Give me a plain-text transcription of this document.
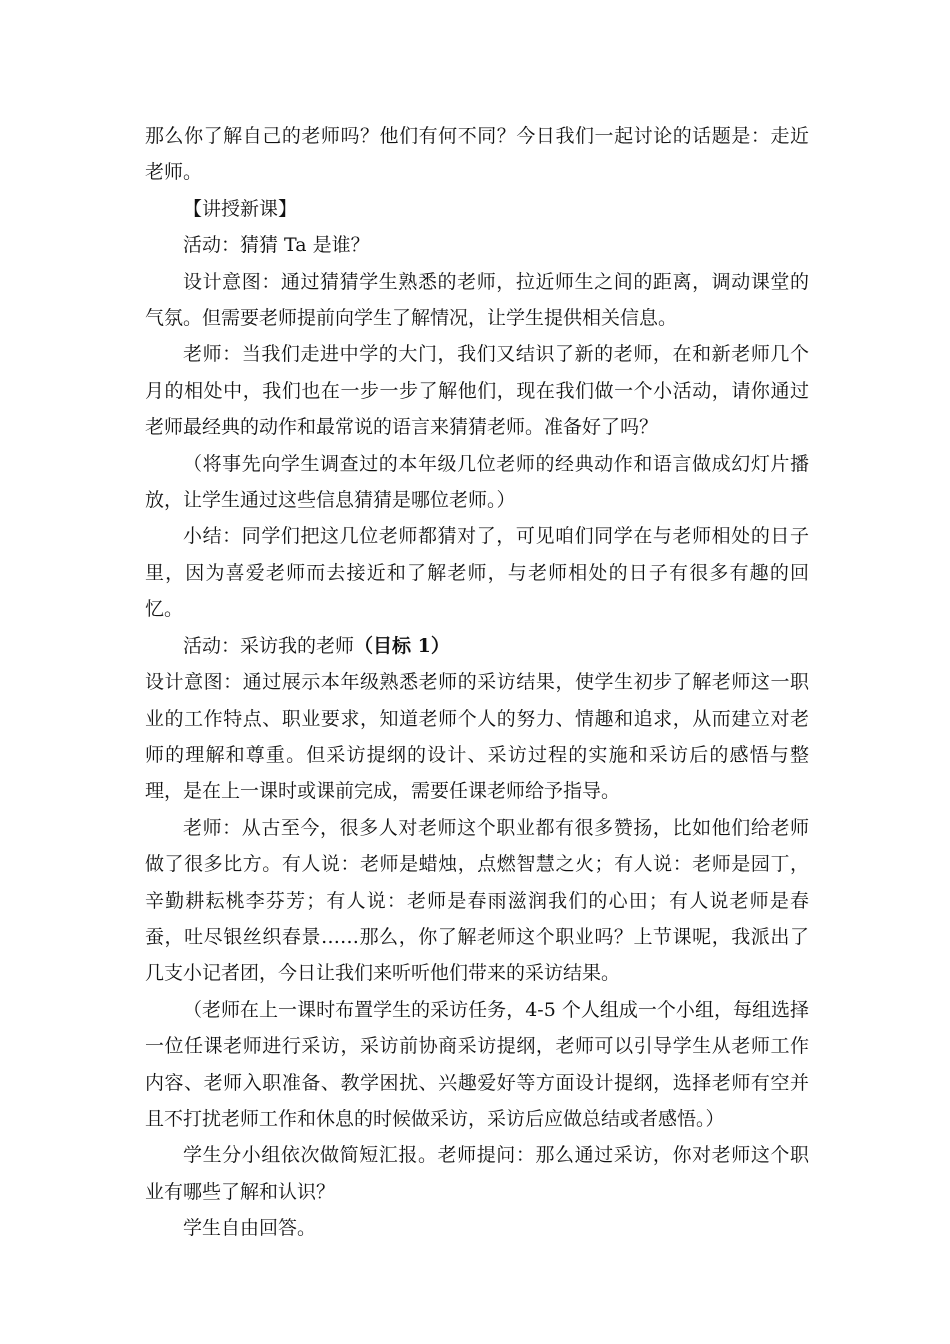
那么你了解自己的老师吗？他们有何不同？今日我们一起讨论的话题是：走近老师。

【讲授新课】

活动：猜猜 Ta 是谁？

设计意图：通过猜猜学生熟悉的老师，拉近师生之间的距离，调动课堂的气氛。但需要老师提前向学生了解情况，让学生提供相关信息。

老师：当我们走进中学的大门，我们又结识了新的老师，在和新老师几个月的相处中，我们也在一步一步了解他们，现在我们做一个小活动，请你通过老师最经典的动作和最常说的语言来猜猜老师。准备好了吗？

（将事先向学生调查过的本年级几位老师的经典动作和语言做成幻灯片播放，让学生通过这些信息猜猜是哪位老师。）

小结：同学们把这几位老师都猜对了，可见咱们同学在与老师相处的日子里，因为喜爱老师而去接近和了解老师，与老师相处的日子有很多有趣的回忆。

活动：采访我的老师（目标 1）

设计意图：通过展示本年级熟悉老师的采访结果，使学生初步了解老师这一职业的工作特点、职业要求，知道老师个人的努力、情趣和追求，从而建立对老师的理解和尊重。但采访提纲的设计、采访过程的实施和采访后的感悟与整理，是在上一课时或课前完成，需要任课老师给予指导。

老师：从古至今，很多人对老师这个职业都有很多赞扬，比如他们给老师做了很多比方。有人说：老师是蜡烛，点燃智慧之火；有人说：老师是园丁，辛勤耕耘桃李芬芳；有人说：老师是春雨滋润我们的心田；有人说老师是春蚕，吐尽银丝织春景……那么，你了解老师这个职业吗？上节课呢，我派出了几支小记者团，今日让我们来听听他们带来的采访结果。

（老师在上一课时布置学生的采访任务，4-5 个人组成一个小组，每组选择一位任课老师进行采访，采访前协商采访提纲，老师可以引导学生从老师工作内容、老师入职准备、教学困扰、兴趣爱好等方面设计提纲，选择老师有空并且不打扰老师工作和休息的时候做采访，采访后应做总结或者感悟。）

学生分小组依次做简短汇报。老师提问：那么通过采访，你对老师这个职业有哪些了解和认识？

学生自由回答。
